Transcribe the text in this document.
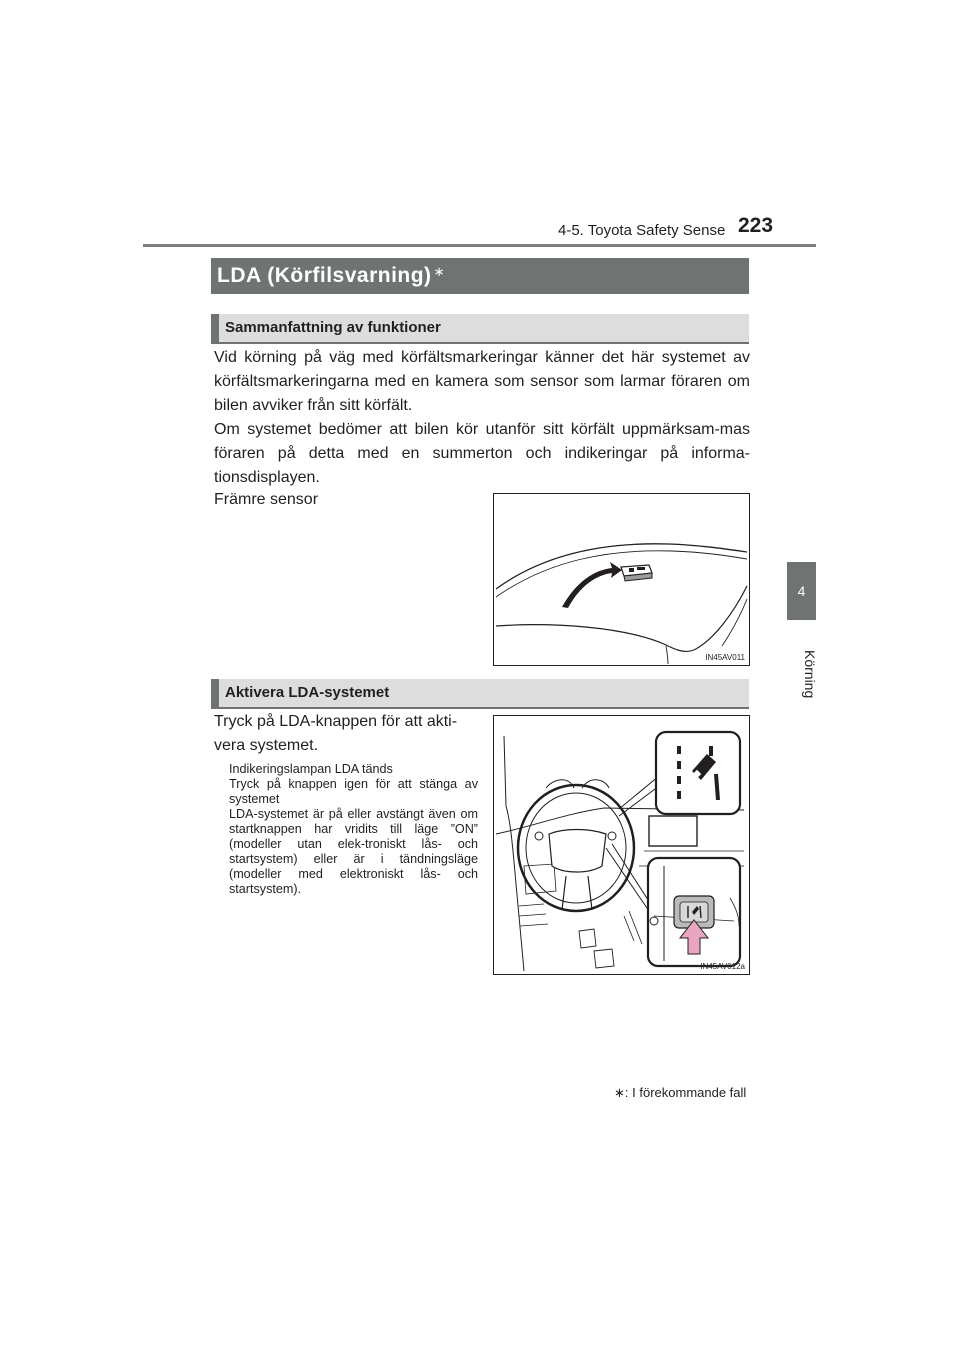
4-5. Toyota Safety Sense 223
4
Körning
LDA (Körfilsvarning) ∗
Sammanfattning av funktioner
Vid körning på väg med körfältsmarkeringar känner det här systemet av körfältsmarkeringarna med en kamera som sensor som larmar föraren om bilen avviker från sitt körfält.
Om systemet bedömer att bilen kör utanför sitt körfält uppmärksam-mas föraren på detta med en summerton och indikeringar på informa-tionsdisplayen.
Främre sensor
IN45AV011
Aktivera LDA-systemet
Tryck på LDA-knappen för att akti-vera systemet.

Indikeringslampan LDA tänds

Tryck på knappen igen för att stänga av systemet

LDA-systemet är på eller avstängt även om startknappen har vridits till läge ”ON” (modeller utan elek-troniskt lås- och startsystem) eller är i tändningsläge (modeller med elektroniskt lås- och startsystem).

IN45AV012a
∗: I förekommande fall
